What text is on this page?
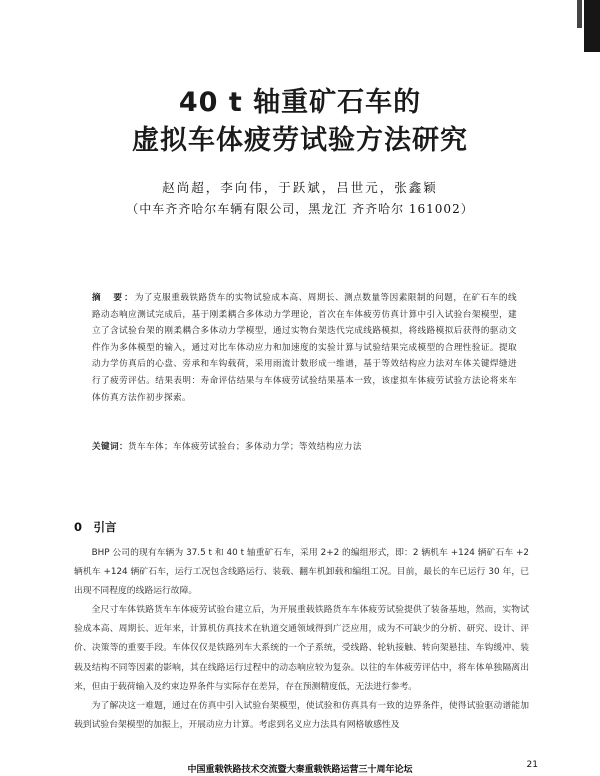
40 t 轴重矿石车的
虚拟车体疲劳试验方法研究
赵尚超，李向伟，于跃斌，吕世元，张鑫颖
（中车齐齐哈尔车辆有限公司，黑龙江 齐齐哈尔 161002）
摘　要：为了克服重载铁路货车的实物试验成本高、周期长、测点数量等因素限制的问题，在矿石车的线路动态响应测试完成后，基于刚柔耦合多体动力学理论，首次在车体疲劳仿真计算中引入试验台架模型，建立了含试验台架的刚柔耦合多体动力学模型，通过实物台架迭代完成线路模拟，将线路模拟后获得的驱动文件作为多体模型的输入，通过对比车体动应力和加速度的实验计算与试验结果完成模型的合理性验证。提取动力学仿真后的心盘、旁承和车钩载荷，采用雨流计数形成一维谱，基于等效结构应力法对车体关键焊缝进行了疲劳评估。结果表明：寿命评估结果与车体疲劳试验结果基本一致，该虚拟车体疲劳试验方法论将来车体仿真方法作初步探索。
关键词：货车车体；车体疲劳试验台；多体动力学；等效结构应力法
0　引言

BHP 公司的现有车辆为 37.5 t 和 40 t 轴重矿石车，采用 2+2 的编组形式，即：2 辆机车 +124 辆矿石车 +2 辆机车 +124 辆矿石车，运行工况包含线路运行、装载、翻车机卸载和编组工况。目前，最长的车已运行 30 年，已出现不同程度的线路运行故障。

全尺寸车体铁路货车车体疲劳试验台建立后，为开展重载铁路货车车体疲劳试验提供了装备基地，然而，实物试验成本高、周期长、近年来，计算机仿真技术在轨道交通领域得到广泛应用，成为不可缺少的分析、研究、设计、评价、决策等的重要手段。车体仅仅是铁路列车大系统的一个子系统，受线路、轮轨接触、转向架悬挂、车钩缓冲、装载及结构不同等因素的影响，其在线路运行过程中的动态响应较为复杂。以往的车体疲劳评估中，将车体单独隔离出来，但由于载荷输入及约束边界条件与实际存在差异，存在预测精度低，无法进行参考。

为了解决这一难题，通过在仿真中引入试验台架模型，使试验和仿真具有一致的边界条件，使得试验驱动谱能加载到试验台架模型的加振上，开展动应力计算。考虑到名义应力法具有网格敏感性及

中国重载铁路技术交流暨大秦重载铁路运营三十周年论坛	21
